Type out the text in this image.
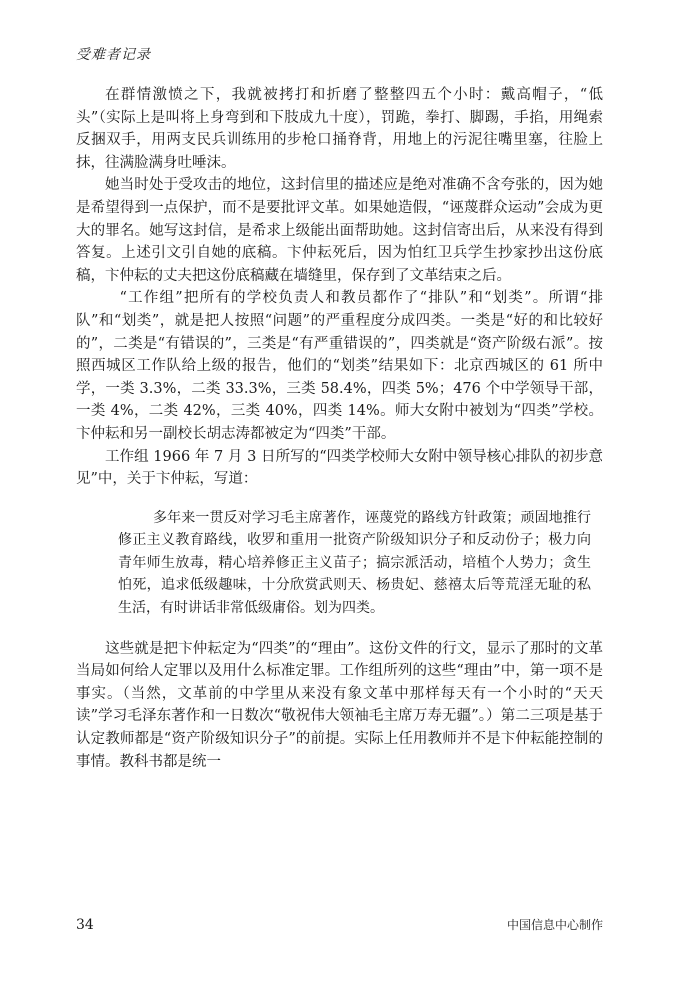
受难者记录

在群情激愤之下，我就被拷打和折磨了整整四五个小时：戴高帽子，“低头”（实际上是叫将上身弯到和下肢成九十度），罚跪，拳打、脚踢，手掐，用绳索反捆双手，用两支民兵训练用的步枪口捅脊背，用地上的污泥往嘴里塞，往脸上抹，往满脸满身吐唾沫。

她当时处于受攻击的地位，这封信里的描述应是绝对准确不含夸张的，因为她是希望得到一点保护，而不是要批评文革。如果她造假，“诬蔑群众运动”会成为更大的罪名。她写这封信，是希求上级能出面帮助她。这封信寄出后，从来没有得到答复。上述引文引自她的底稿。卞仲耘死后，因为怕红卫兵学生抄家抄出这份底稿，卞仲耘的丈夫把这份底稿藏在墙缝里，保存到了文革结束之后。

“工作组”把所有的学校负责人和教员都作了“排队”和“划类”。所谓“排队”和“划类”，就是把人按照“问题”的严重程度分成四类。一类是“好的和比较好的”，二类是“有错误的”，三类是“有严重错误的”，四类就是“资产阶级右派”。按照西城区工作队给上级的报告，他们的“划类”结果如下：北京西城区的 61 所中学，一类 3.3%，二类 33.3%，三类 58.4%，四类 5%；476 个中学领导干部，一类 4%，二类 42%，三类 40%，四类 14%。师大女附中被划为“四类”学校。卞仲耘和另一副校长胡志涛都被定为“四类”干部。

工作组 1966 年 7 月 3 日所写的“四类学校师大女附中领导核心排队的初步意见”中，关于卞仲耘，写道：

多年来一贯反对学习毛主席著作，诬蔑党的路线方针政策；顽固地推行修正主义教育路线，收罗和重用一批资产阶级知识分子和反动份子；极力向青年师生放毒，精心培养修正主义苗子；搞宗派活动，培植个人势力；贪生怕死，追求低级趣味，十分欣赏武则天、杨贵妃、慈禧太后等荒淫无耻的私生活，有时讲话非常低级庸俗。划为四类。

这些就是把卞仲耘定为“四类”的“理由”。这份文件的行文，显示了那时的文革当局如何给人定罪以及用什么标准定罪。工作组所列的这些“理由”中，第一项不是事实。（当然，文革前的中学里从来没有象文革中那样每天有一个小时的“天天读”学习毛泽东著作和一日数次“敬祝伟大领袖毛主席万寿无疆”。）第二三项是基于认定教师都是“资产阶级知识分子”的前提。实际上任用教师并不是卞仲耘能控制的事情。教科书都是统一

34	中国信息中心制作
